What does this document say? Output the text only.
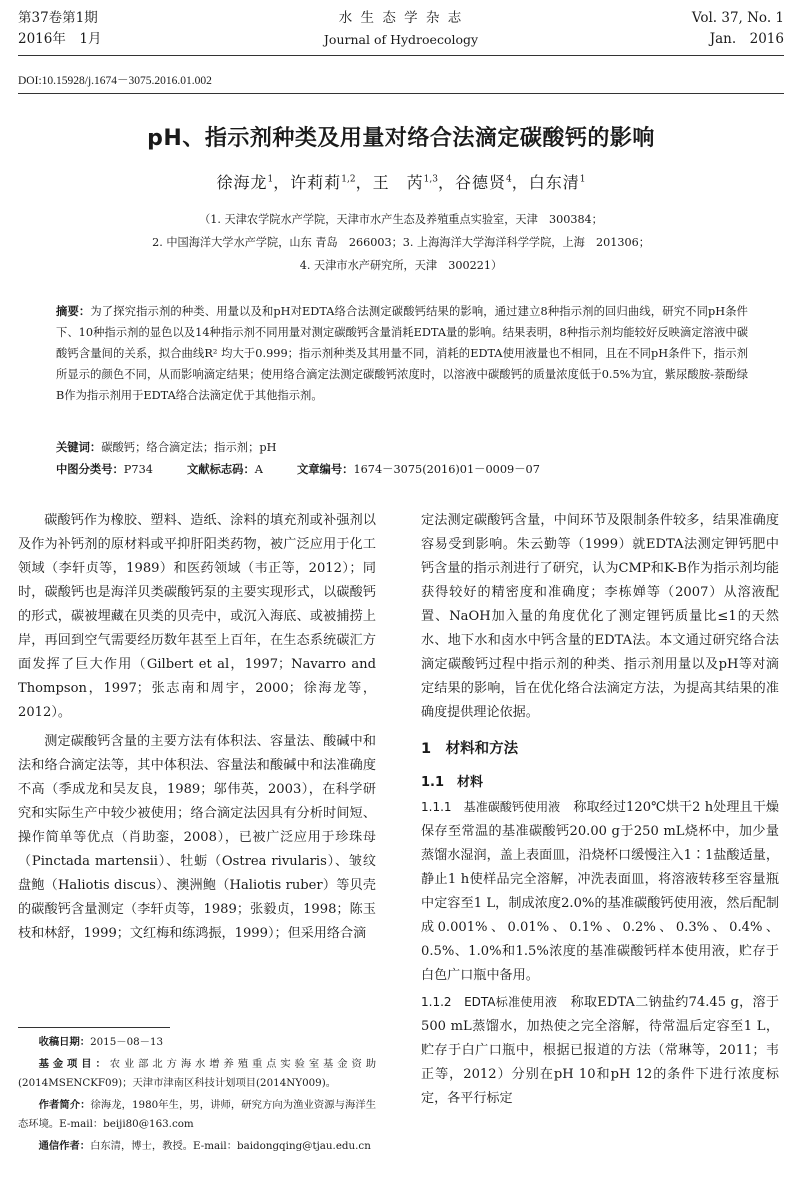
第37卷第1期
2016年　1月
水 生 态 学 杂 志
Journal of Hydroecology
Vol. 37, No. 1
Jan.　2016
DOI:10.15928/j.1674－3075.2016.01.002
pH、指示剂种类及用量对络合法滴定碳酸钙的影响
徐海龙$^1$，许莉莉$^{1,2}$，王　芮$^{1,3}$，谷德贤$^4$，白东清$^1$
（1. 天津农学院水产学院，天津市水产生态及养殖重点实验室，天津　300384；
2. 中国海洋大学水产学院，山东 青岛　266003；3. 上海海洋大学海洋科学学院，上海　201306；
4. 天津市水产研究所，天津　300221）
摘要：为了探究指示剂的种类、用量以及和pH对EDTA络合法测定碳酸钙结果的影响，通过建立8种指示剂的回归曲线，研究不同pH条件下、10种指示剂的显色以及14种指示剂不同用量对测定碳酸钙含量消耗EDTA量的影响。结果表明，8种指示剂均能较好反映滴定溶液中碳酸钙含量间的关系，拟合曲线R² 均大于0.999；指示剂种类及其用量不同，消耗的EDTA使用液量也不相同，且在不同pH条件下，指示剂所显示的颜色不同，从而影响滴定结果；使用络合滴定法测定碳酸钙浓度时，以溶液中碳酸钙的质量浓度低于0.5%为宜，紫尿酸胺-萘酚绿B作为指示剂用于EDTA络合法滴定优于其他指示剂。
关键词：碳酸钙；络合滴定法；指示剂；pH
中图分类号：P734	文献标志码：A	文章编号：1674－3075(2016)01－0009－07

碳酸钙作为橡胶、塑料、造纸、涂料的填充剂或补强剂以及作为补钙剂的原材料或平抑肝阳类药物，被广泛应用于化工领域（李轩贞等，1989）和医药领域（韦正等，2012）；同时，碳酸钙也是海洋贝类碳酸钙泵的主要实现形式，以碳酸钙的形式，碳被埋藏在贝类的贝壳中，或沉入海底、或被捕捞上岸，再回到空气需要经历数年甚至上百年，在生态系统碳汇方面发挥了巨大作用（Gilbert et al，1997；Navarro and Thompson，1997；张志南和周宇，2000；徐海龙等，2012）。

测定碳酸钙含量的主要方法有体积法、容量法、酸碱中和法和络合滴定法等，其中体积法、容量法和酸碱中和法准确度不高（季成龙和吴友良，1989；邬伟英，2003），在科学研究和实际生产中较少被使用；络合滴定法因具有分析时间短、操作简单等优点（肖助銮，2008），已被广泛应用于珍珠母（Pinctada martensii）、牡蛎（Ostrea rivularis）、皱纹盘鲍（Haliotis discus）、澳洲鲍（Haliotis ruber）等贝壳的碳酸钙含量测定（李轩贞等，1989；张毅贞，1998；陈玉枝和林舒，1999；文红梅和练鸿振，1999）；但采用络合滴

收稿日期：2015－08－13

基金项目：农业部北方海水增养殖重点实验室基金资助(2014MSENCKF09)；天津市津南区科技计划项目(2014NY009)。

作者简介：徐海龙，1980年生，男，讲师，研究方向为渔业资源与海洋生态环境。E-mail：beiji80@163.com

通信作者：白东清，博士，教授。E-mail：baidongqing@tjau.edu.cn

定法测定碳酸钙含量，中间环节及限制条件较多，结果准确度容易受到影响。朱云勤等（1999）就EDTA法测定钾钙肥中钙含量的指示剂进行了研究，认为CMP和K-B作为指示剂均能获得较好的精密度和准确度；李栋婵等（2007）从溶液配置、NaOH加入量的角度优化了测定锂钙质量比≤1的天然水、地下水和卤水中钙含量的EDTA法。本文通过研究络合法滴定碳酸钙过程中指示剂的种类、指示剂用量以及pH等对滴定结果的影响，旨在优化络合法滴定方法，为提高其结果的准确度提供理论依据。

1　材料和方法

1.1　材料

1.1.1　基准碳酸钙使用液　 称取经过120℃烘干2 h处理且干燥保存至常温的基准碳酸钙20.00 g于250 mL烧杯中，加少量蒸馏水湿润，盖上表面皿，沿烧杯口缓慢注入1∶1盐酸适量，静止1 h使样品完全溶解，冲洗表面皿，将溶液转移至容量瓶中定容至1 L，制成浓度2.0%的基准碳酸钙使用液，然后配制成0.001%、0.01%、0.1%、0.2%、0.3%、0.4%、0.5%、1.0%和1.5%浓度的基准碳酸钙样本使用液，贮存于白色广口瓶中备用。

1.1.2　EDTA标准使用液　 称取EDTA二钠盐约74.45 g，溶于500 mL蒸馏水，加热使之完全溶解，待常温后定容至1 L，贮存于白广口瓶中，根据已报道的方法（常琳等，2011；韦正等，2012）分别在pH 10和pH 12的条件下进行浓度标定，各平行标定
